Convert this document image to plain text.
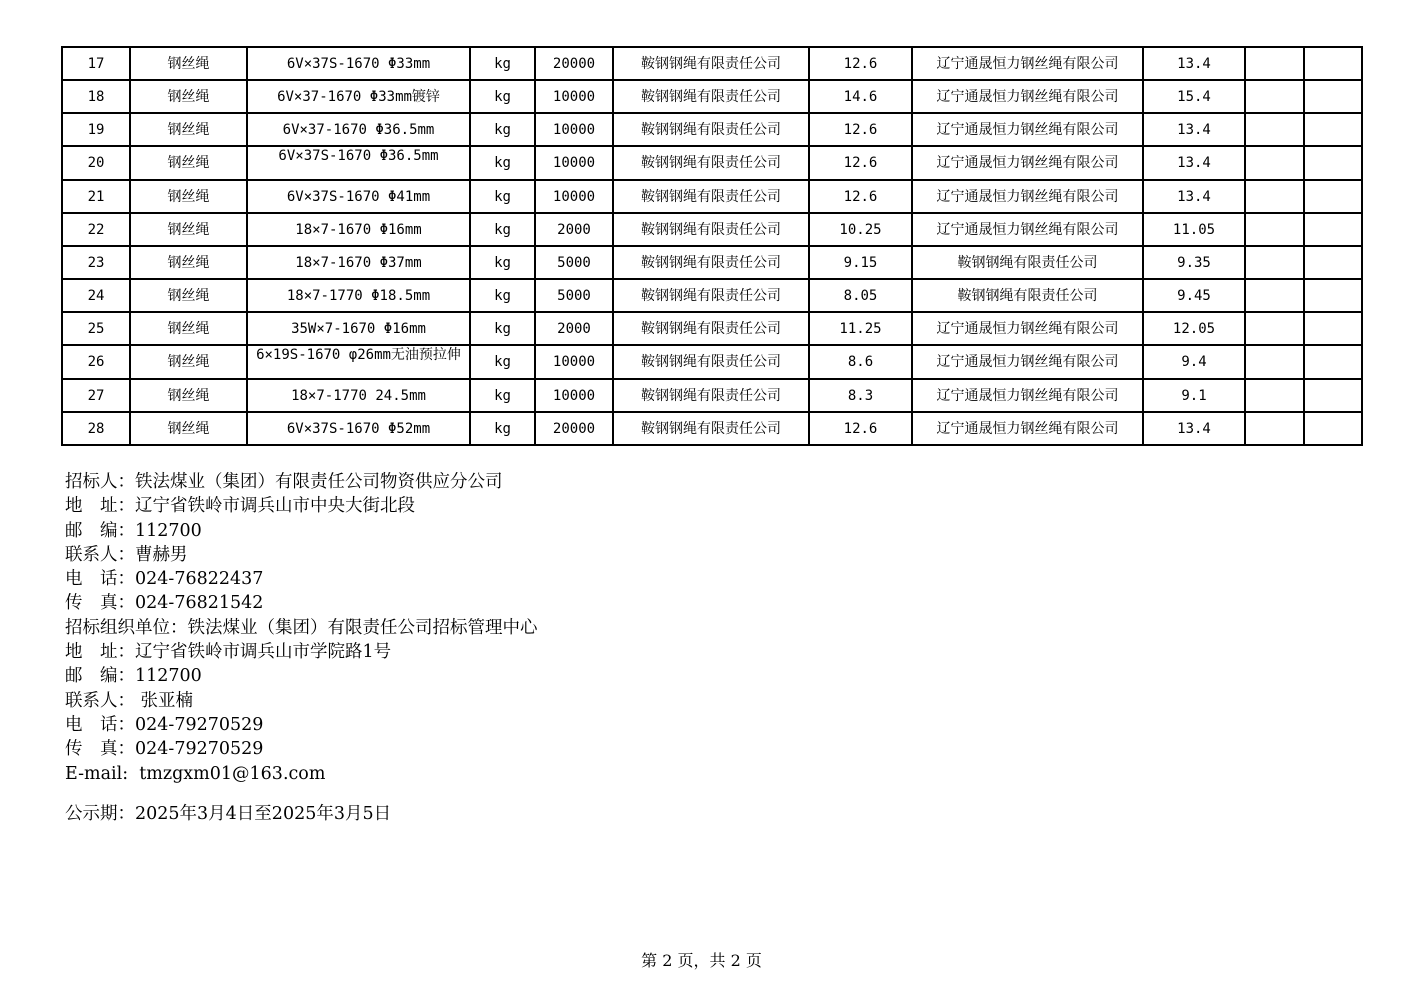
17	钢丝绳	6V×37S-1670 Φ33mm	kg	20000	鞍钢钢绳有限责任公司	12.6	辽宁通晟恒力钢丝绳有限公司	13.4		
18	钢丝绳	6V×37-1670 Φ33mm镀锌	kg	10000	鞍钢钢绳有限责任公司	14.6	辽宁通晟恒力钢丝绳有限公司	15.4		
19	钢丝绳	6V×37-1670 Φ36.5mm	kg	10000	鞍钢钢绳有限责任公司	12.6	辽宁通晟恒力钢丝绳有限公司	13.4		
20	钢丝绳	6V×37S-1670 Φ36.5mm	kg	10000	鞍钢钢绳有限责任公司	12.6	辽宁通晟恒力钢丝绳有限公司	13.4		
21	钢丝绳	6V×37S-1670 Φ41mm	kg	10000	鞍钢钢绳有限责任公司	12.6	辽宁通晟恒力钢丝绳有限公司	13.4		
22	钢丝绳	18×7-1670 Φ16mm	kg	2000	鞍钢钢绳有限责任公司	10.25	辽宁通晟恒力钢丝绳有限公司	11.05		
23	钢丝绳	18×7-1670 Φ37mm	kg	5000	鞍钢钢绳有限责任公司	9.15	鞍钢钢绳有限责任公司	9.35		
24	钢丝绳	18×7-1770 Φ18.5mm	kg	5000	鞍钢钢绳有限责任公司	8.05	鞍钢钢绳有限责任公司	9.45		
25	钢丝绳	35W×7-1670 Φ16mm	kg	2000	鞍钢钢绳有限责任公司	11.25	辽宁通晟恒力钢丝绳有限公司	12.05		
26	钢丝绳	6×19S-1670 φ26mm无油预拉伸	kg	10000	鞍钢钢绳有限责任公司	8.6	辽宁通晟恒力钢丝绳有限公司	9.4		
27	钢丝绳	18×7-1770 24.5mm	kg	10000	鞍钢钢绳有限责任公司	8.3	辽宁通晟恒力钢丝绳有限公司	9.1		
28	钢丝绳	6V×37S-1670 Φ52mm	kg	20000	鞍钢钢绳有限责任公司	12.6	辽宁通晟恒力钢丝绳有限公司	13.4		
招标人：铁法煤业（集团）有限责任公司物资供应分公司
地　址：辽宁省铁岭市调兵山市中央大街北段
邮　编：112700
联系人：曹赫男
电　话：024-76822437
传　真：024-76821542
招标组织单位：铁法煤业（集团）有限责任公司招标管理中心
地　址：辽宁省铁岭市调兵山市学院路1号
邮　编：112700
联系人： 张亚楠
电　话：024-79270529
传　真：024-79270529
E-mail:  tmzgxm01@163.com
公示期：2025年3月4日至2025年3月5日
第 2 页，共 2 页
